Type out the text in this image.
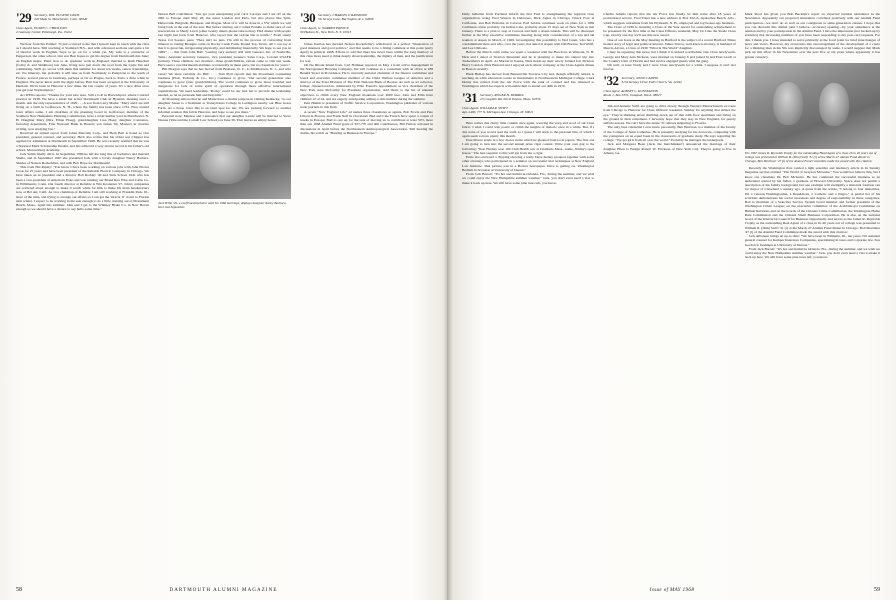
'29 Secretary, WM. EUGENE DAVIS
320 Main St. Manchester, Conn. 06040
Class Agent, EDWIN C. CHIDLUND
2 Gateway Center, Pittsburgh, Pa. 15222

We hear from Stu Palmer: "It just occurred to me that I haven't kept in touch with the class as I should have. Still teaching at Stamford H.S., and with advanced sections and quite a bit of tutorial work in English, hope to go on for a while yet. My wife is a counselor at Pepperson, the other school. Our son Bart hopes to get his degree from Dartmouth this June; an English major. Plans now to do graduate work in England; married to Ruth Hanchett (Colby Jr. and Skidmore) last June, living now just down the road from the Lyme Inn and commuting. We'll go across with them this summer for about ten weeks, renew friendships, etc. No itinerary, but probably it will take us from Normandy to Pamplona to the south of France, several places in Germany, perhaps as far as Prague, back to Paris, a little while in England. We never knew until the night before. Bart has been accepted at the University of Durham. We've been in Hanover a few times the last couple of years. It's a nice drive once you get past Northampton."

Art D'Elia reports: "Thanks for your nice note. Still a G.P. in Harwichport, where I started practice in 1938. We have a small but active Dartmouth Club in Hyannis, meeting once a month. Am the only representative of 1929 . . . A son from Larry Marks: "Mary and I are still living on a farm in Goffstown, N. H., where the family has been since 1761. Fuss around town affairs some. I am chairman of the planning board in Goffstown; member of the Southern New Hampshire Planning Commission, have a retail lumber yard in Manchester, N. H. Daughter Mary (Mrs. Ethan Hoag), granddaughter Lisa Hoag; daughter Constance, factoring department, First National Bank in Boston; son James '64, Master's in creative writing, now studying law."

Received an annual report from Johns Marcelle Corp., and Herb Ball is listed as vice president, general counsel, and secretary. Herb also writes that his oldest son Chipper has applied for admission at Dartmouth in September 1968. He was recently notified that he was a National Merit Scholarship finalist, and has achieved a very decent record at his father's old school, Mercersburg Academy.

Jack Yellin finally did it. In September 1966 he left the long line of bachelors and married Sheila, and in September 1967 she presented Jack with a lovely daughter Nancy Barbara. Shades of Nelson Rockefeller, and with Bob Hope for Dartmouth!

This from Hal Ripley: "You know I have been working on various jobs with John Brown Cook for 25 years and have been president of the Reliable Electric Company in Chicago. We have taken on as president and a director Bob Roddey '40 and Tuck School 1941 who has been a vice-president of American Exko and was running our Brand Rex Wire and Cable Co. in Willimantic, Conn. Our fourth director at Reliable is Win Kosterner '27. John's companies are scattered about enough to make it worth while for him to make his main headquarters now at Bel Air, Calif. As vice chairman of Reliable I am still working at Franklin Park, Ill., most of the time, and trying to arrange our affairs so I can get the 'Oracle 11' down to Florida next winter. I expect to be working in the east enough to do a little cruising out of Monument Beach, Mass., again this summer. John and I get to the Whitney Blake Co. in New Haven enough so we should have a chance to say hello some time."

Nelson Bell contributes: "Just got your enterprising post card. Carolyn and I are off on the 20th to Europe until May 26; the usual London and Paris, but also places like Split, Dubrovnik, Belgrade, Budapest, and Prague. Most of it will be done in a VW which we will bring back at the end of the tour. But before starting out I called Frankie to make sure of our reservations at Shady Lawn (other twenty niners please take notice). Had dinner with people last night just back from Hanover, who report that the redone Inn is terrific." From sunny Texas Cal Soetero pens: "Here ain't no nuts. I'm still in the process of converting from timeout to raising Brangus cattle on Rocky Creek Farm, Round Top, Texas. All I can say is that it is great fun, invigorating physically, and debilitating financially. We hope to see you in 1969" . . . this from John Ball: "Getting very ancient; still with Genesco Inc. of Nashville, Tenn.; Assistant secretary Genesco, vice president Genesco Sales Corp., Colonel USAFR (retired). Three children, two married—three grandchildren, eleven came to visit last week. Have seen a rare Dartmouth alumnus occasionally in these parts, but no classmate for years."

Bill Morgan says that he has moved from Branson, N. Z., to Middletown, N. J., and who cares? We most certainly do, Bill! . . . Stan Platt reports that his investment counseling business (Platt, Tschudy & Co., Inc.) continues to grow. "Our second generation also continues to grow (four grandchildren). The world continues to grow more troubled and dangerous for lack of some spirit of operation through more effective international organizations. We need leadership. 'Rocky' could be our best bet to provide the leadership needed, so let us persuade him and help him."

Al Downing tells us that he and Marie have a double purpose in visiting Kentucky, "as our daughter Susan is a freshman at Transylvania College in Lexington nearby our Blue Grass Farm. As a horse lover this is an ideal spot for her. We are looking forward to another informal reunion this fall in Hanover, and hope to see you there."

Personal note: Meenoe and I announce that our daughter Laurie will be married to Steve Nassau (Yale and the Cornell Law School) on June 30. That leaves an empty house.

Jack Yellin '29, a confirmed bachelor until his 1966 marriage, displays daughter Nancy Barbara, born last September.
'30 Secretary, CHARLES V. RAYMOND
56 Jerseys Lane, Barrington, R. I. 02806
Class Agent, G. WARREN PRENCE
99 Hudson St., New York, N. Y. 10013

James Kenlon has decided Nelson Rockefeller's withdrawal as a perfect "illustration of good manners and good politics," and that seems to be a fitting comment at this point (early April) in political 1968. Efforts to add that there has never been within the long memory of this class more need to think deeply about leadership, the dignity of man, and the justification for war.

On the Rhode Island front, Carl Halleker reported on May 1 from active management in the Narragansett Brewing Company, but will continue as a consultant with an office at 188 Benefit Street in Providence. He is currently national chairman of the finance committee and board and executive committee member of the Child Welfare League of America and a director of the Trust Division of The First National Bank of Boston. As well as art collector, farmer, citizen/loved-in, stimulated by Ellin French's appointment as vice chairman of the New York state McCarthy for President organization. Add theirs to the list of unusual objectives to climb every New England mountain over 4000 feet. John and Ellin have climbed 12 of 24, and are eagerly anticipating adding to this number during the summer.

Pete Hamm is president of Traffic Service Corporation, Washington publisher of various trade journals in this field.

A recent "New England Life" ad names three classmates as agents, Bob Fowle and Pete Lillard in Boston, and Frank Neff in Cleveland. Bud and Cele French have spent a couple of weeks in Europe; Bud to rest up for the task of moving us to contribute at least 50% more than our 1968 Alumni Fund goals of $57,770 and 400 contributors, Bill Fenton actioned in discussions in April before the Northeastern Anthropological Association. Still hearing the drums, his solicit as "Hunting as Business in Europe."

58	DARTMOUTH ALUMNI MAGAZINE

Daily bulletins from Portland inform me that Fred is strengthening the regional class organization, using Fred Watson in Delaware, Dick Jogler in Chicago, Chuck Fore in California, and Bob Bottome in Caracas. Earl Seldon continues work on plans for a 1969 Caribbean cruise probably via Indian Line, probably about 15 days out of New York in mid January. There is a plan to stop at Caracas and built a dozen islands. This will be discussed further at the May executive committee meeting along with consideration of a sun and ski reunion at Aspen in March of 1969. Investigating this possibility is Ned Grant, who has a condominium there and who, over the years, has skied at Aspen with Did Bootus, Ted Wolff, and Lee Chilsons.

Before the March calm came, we spent a weekend with the Bowlows in Walpole, N. H. Dick and I skied at Stratton Mountain and he is planning to make his annual trip into Tuckerman's in April. At Marion in Keene, Dick heads up their newly formed foil division. Harry Condon, Dick Barnard and I enjoyed each others' company at the Class Agents dinner in Boston recently.

Hank Bishop has moved from Bensenville Traverse City and, though officially retired, is teaching an adult education course in investments at Northwestern Michigan College. Clark Denny has retired from the Air Force with the rank of colonel and has returned to Washington which he expects will enable him to attend our 40th in 1970.

'31 Secretary, ROGER H. BURRILL
23 Coughlin Rd. North Easton, Mass. 02356
Class Agent, WILLIAM R. SWIFT
Apt. 2400, 777 N. Michigan Ave. Chicago, Ill. 60611

Here comes this chatty little column once again, weaving the warp and woof of our Class fabric. I wish I could wait poetic or climb the heights of rhetoric once in a while. But, if I did, none of you would read the stuff, so I guess I will stick to the personal bits, of which I again seem to have plenty this month.

Esse Moore sends in a few choice items which he gleaned from local papers. The first one I am going to turn into the second annual prize cigar contest. Write your own gag to the following: "Ron Findley won 100 Club Health war at Chatham, Mass., home, Jimmy's open house." The best sequitur to this will get from me a cigar.

Ernie also enclosed a clipping showing a testly Dave Kelley grouped together with some other attorneys who participated in a seminar on successful trial techniques at New England Law Institute. This picture was in a Boston newspaper. Dave is getting on. Washington Bedlam in Scranton at University of Deerer."

From Jack Barrett: "It's hot and humid in Orlando, Fla., during the summer, and we wish we could enjoy the New Hampshire summer weather." Jack, you don't even need a visa to make it back up here. We still have some pine trees left, you know.

Charlie Adams reports that the Air Force has finally let him retire after 18 years of promotional service. Fred Toher has a new address at Box 452-A, Apalachee Beach, Arlo., which suggests retirement from his Plymouth, N. H., employed and log broker-age business.

The Class of 1930 is donating a Class of the Year Award for outstanding achievement to be presented for the first time at the Class Officers weekend, May 10. Like the Steele Class Cup, exactly one day we'll see this new award.

One of our hosts at the May meeting in Hartford is the subject of a recent Hartford Times feature story of legal and political interest. James Tarvos, well-known attorney, is husband of Marcia Alcorn, a Class of 1930 "What Is The World" daughter.

I may be repeating this news, but I think it is indeed worthwhile. Our Class newlyweds, George and Mary Ann Nickson, were married on January 6 and joined Si and Fran Leach at the Country Club of Florida and had twelve engaged guests with the gang.

Oh well, at least Trudy and I were Class newlyweds for a while. I suppose it can't last forever.

'32 Secretary, JILDO CAPPIO
3154 Kenney Drive Falls Church, Va. 22042
Class Agent, ALBERT C. KONSTANTIN
Route 1, Box 3331, Issaquah, Wash. 98027

Jim and Annette Swift are going to drive slowly through Western Massachusetts en route from Chicago to Hanover for Class Officers' weekend. Sunday for anything that strikes the eye." They're thinking about climbing down out of that 24th floor apartment and living on the ground in their retirement. I fervently hope that they stay in New England, for purely selfish reasons. We can't have the entire '31 retirees migrating to Florida.

The only bass clarinetist I ever knew personally, Ben Harrison, is a member of the faculty of the College of Saint Catherine. He is presently studying for his doctorate, competing with the youngsters on an equal basis in the classrooms of graduate study. He says regarding his college: "We get girls from all over the world." Probably he manages the undergrads.

Jack and Margaret Bean (Jack, the matchmaker!) announced the marriage of their daughter Ellen to Ensign Robert W. Erickson of New York City. They're going to live in Athens, Ga.

Mark Short has given you Bob Bucklyn's report on expected reunion attendance in the Newsletter. Apparently our projected attendance correlates positively with our Alumni Fund participation—we don't do as well as our contiguous or same-generation classes. I hope that you can discredit this dismal (and I believe—accurate) opening—by your attendance at the reunion and by your participation in the Alumni Fund. I have the impression (not backed-up by statistics) that increasing numbers of you have been responding to my post-card requests. For this, I thank you. I have intended to serve primarily as the focal point for brief interchanges of news and views. However, my excursions into encouragement of the development of a credo for a thinking man in his 50s was implicitly discouraged by some. I would suggest that Mark pick up this effort in his Newsletter over the next five or six years where apparently it has greater currency.

The 1967 James R. Reynolds Trophy for the outstanding Head Agent of a class 26 to 40 years out of college was presented to William R. (Dim) Swift '31 (r) at the March 27 Alumni Fund dinner in Chicago. Bob Mortimer '47 (l) of the Alumni Fund Committee made the award with this citation:

Recently the Washington Post carried a light sensitive and laudatory article in its Sunday magazine section entitled "The World of Grayson McGuire." You would not believe this, but I know our classmate Dr. Bob McGuire. He has continued the successful business as an undertaker started by his father, a graduate of Howard University. Space does not permit a description of his family background but one example will exemplify a maternal forebear ran for mayor of Cleveland a century ago. A quote from the article, "I belong to four minorities. I'm a veteran Washingtonian, a Republican, a Catholic and a Negro." A partial list of his activities demonstrates his social awareness and degree of responsibility in these categories. Bob is chairman of a Selective Service System board member and former president of the Washington Urban League; on the executive committee of the Archbishop's Committee on Human Relations and on the boards of the Citizens Crime Commission, the Washington Home Rule Commission and the Citizens Small Business Corporation. He is also on the national board of the Interracial Council for Business Opportunity and serves as the James R. Reynolds Trophy as the outstanding Real Agent of a class in its 40 years out of college was presented to William R. (Dim) Swift '31 (r) at the March 27 Alumni Fund dinner in Chicago. Bob Mortimer '47 (l) of the Alumni Fund Committee made the award with this citation:

Jack Albanese brings an up-to-date: "We have been in Wilmette, Ill., ten years. I'm assistant general counsel for Kemper Insurance Companies, specializing in taxes and corporate law. Son Gordon is freshman at University of Denver."

From Jack Barrett: "It's hot and humid in Orlando, Fla., during the summer, and we wish we could enjoy the New Hampshire summer weather." Jack, you don't even need a visa to make it back up here. We still have some pine trees left, you know.

59
Issue of MAY 1968
